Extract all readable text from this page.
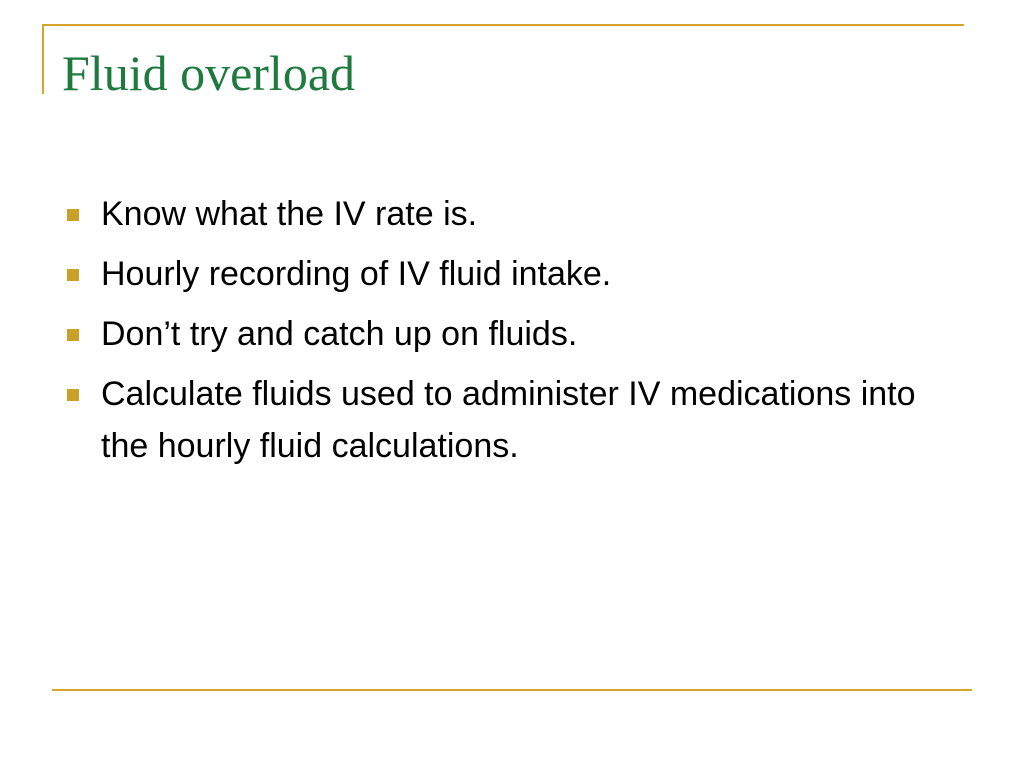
Fluid overload
Know what the IV rate is.
Hourly recording of IV fluid intake.
Don’t try and catch up on fluids.
Calculate fluids used to administer IV medications into the hourly fluid calculations.
